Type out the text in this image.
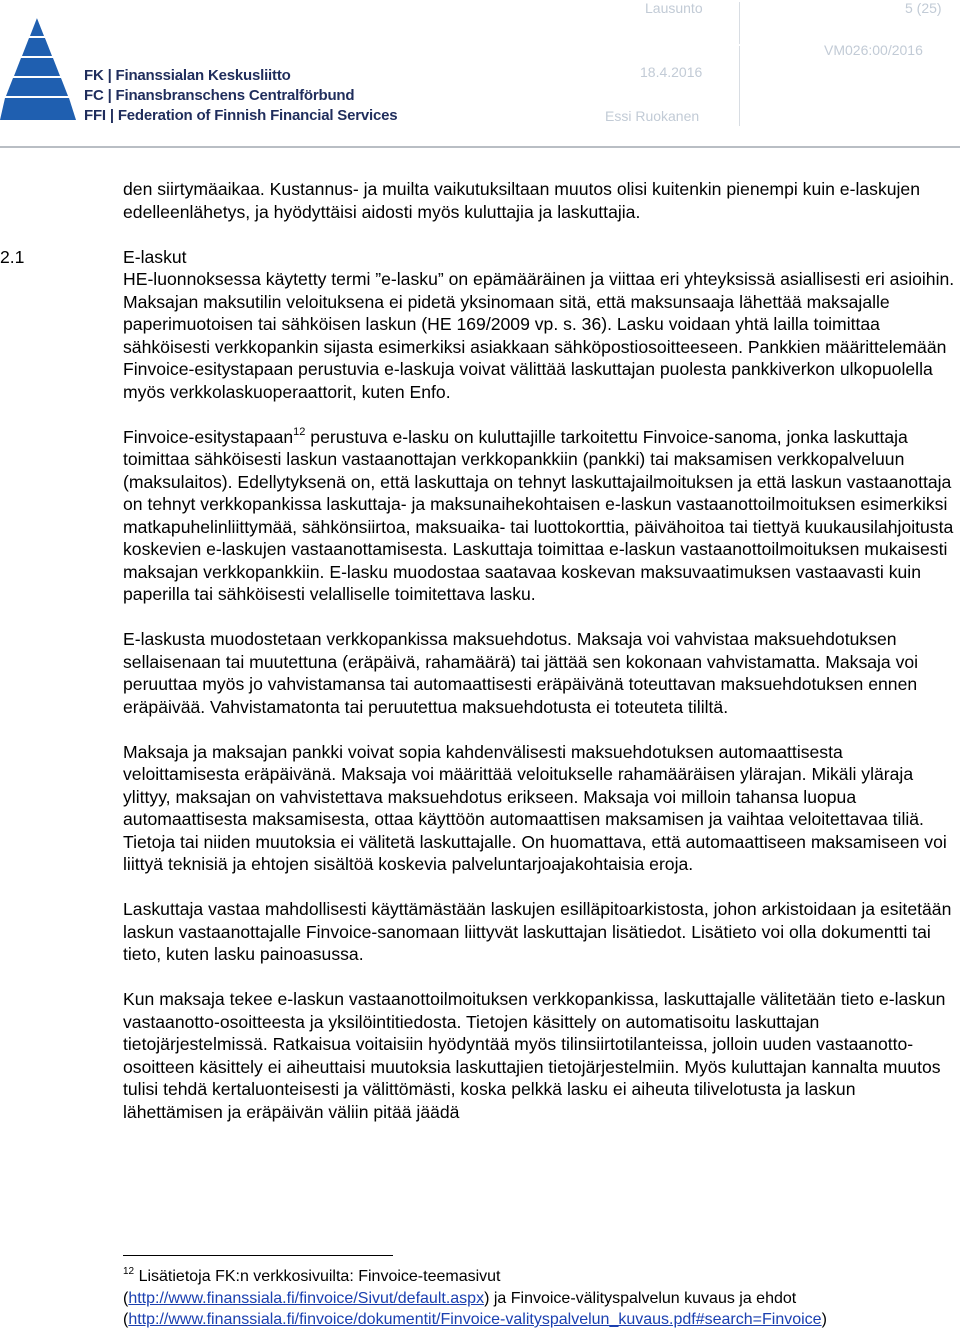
FK | Finanssialan Keskusliitto
FC | Finansbranschens Centralförbund
FFI | Federation of Finnish Financial Services
Lausunto	5 (25)
VM026:00/2016
18.4.2016
Essi Ruokanen

den siirtymäaikaa. Kustannus- ja muilta vaikutuksiltaan muutos olisi kuitenkin pienempi kuin e-laskujen edelleenlähetys, ja hyödyttäisi aidosti myös kuluttajia ja laskuttajia.

HE-luonnoksessa käytetty termi ”e-lasku” on epämääräinen ja viittaa eri yhteyksissä asiallisesti eri asioihin. Maksajan maksutilin veloituksena ei pidetä yksinomaan sitä, että maksunsaaja lähettää maksajalle paperimuotoisen tai sähköisen laskun (HE 169/2009 vp. s. 36). Lasku voidaan yhtä lailla toimittaa sähköisesti verkkopankin sijasta esimerkiksi asiakkaan sähköpostiosoitteeseen. Pankkien määrittelemään Finvoice-esitystapaan perustuvia e-laskuja voivat välittää laskuttajan puolesta pankkiverkon ulkopuolella myös verkkolaskuoperaattorit, kuten Enfo.

Finvoice-esitystapaan$^{12}$ perustuva e-lasku on kuluttajille tarkoitettu Finvoice-sanoma, jonka laskuttaja toimittaa sähköisesti laskun vastaanottajan verkkopankkiin (pankki) tai maksamisen verkkopalveluun (maksulaitos). Edellytyksenä on, että laskuttaja on tehnyt laskuttajailmoituksen ja että laskun vastaanottaja on tehnyt verkkopankissa laskuttaja- ja maksunaihekohtaisen e-laskun vastaanottoilmoituksen esimerkiksi matkapuhelinliittymää, sähkönsiirtoa, maksuaika- tai luottokorttia, päivähoitoa tai tiettyä kuukausilahjoitusta koskevien e-laskujen vastaanottamisesta. Laskuttaja toimittaa e-laskun vastaanottoilmoituksen mukaisesti maksajan verkkopankkiin. E-lasku muodostaa saatavaa koskevan maksuvaatimuksen vastaavasti kuin paperilla tai sähköisesti velalliselle toimitettava lasku.

E-laskusta muodostetaan verkkopankissa maksuehdotus. Maksaja voi vahvistaa maksuehdotuksen sellaisenaan tai muutettuna (eräpäivä, rahamäärä) tai jättää sen kokonaan vahvistamatta. Maksaja voi peruuttaa myös jo vahvistamansa tai automaattisesti eräpäivänä toteuttavan maksuehdotuksen ennen eräpäivää. Vahvistamatonta tai peruutettua maksuehdotusta ei toteuteta tililtä.

Maksaja ja maksajan pankki voivat sopia kahdenvälisesti maksuehdotuksen automaattisesta veloittamisesta eräpäivänä. Maksaja voi määrittää veloitukselle rahamääräisen ylärajan. Mikäli yläraja ylittyy, maksajan on vahvistettava maksuehdotus erikseen. Maksaja voi milloin tahansa luopua automaattisesta maksamisesta, ottaa käyttöön automaattisen maksamisen ja vaihtaa veloitettavaa tiliä. Tietoja tai niiden muutoksia ei välitetä laskuttajalle. On huomattava, että automaattiseen maksamiseen voi liittyä teknisiä ja ehtojen sisältöä koskevia palveluntarjoajakohtaisia eroja.

Laskuttaja vastaa mahdollisesti käyttämästään laskujen esilläpitoarkistosta, johon arkistoidaan ja esitetään laskun vastaanottajalle Finvoice-sanomaan liittyvät laskuttajan lisätiedot. Lisätieto voi olla dokumentti tai tieto, kuten lasku painoasussa.

Kun maksaja tekee e-laskun vastaanottoilmoituksen verkkopankissa, laskuttajalle välitetään tieto e-laskun vastaanotto-osoitteesta ja yksilöintitiedosta. Tietojen käsittely on automatisoitu laskuttajan tietojärjestelmissä. Ratkaisua voitaisiin hyödyntää myös tilinsiirtotilanteissa, jolloin uuden vastaanotto-osoitteen käsittely ei aiheuttaisi muutoksia laskuttajien tietojärjestelmiin. Myös kuluttajan kannalta muutos tulisi tehdä kertaluonteisesti ja välittömästi, koska pelkkä lasku ei aiheuta tilivelotusta ja laskun lähettämisen ja eräpäivän väliin pitää jäädä

2.1	E-laskut
$^{12}$ Lisätietoja FK:n verkkosivuilta: Finvoice-teemasivut
(http://www.finanssiala.fi/finvoice/Sivut/default.aspx) ja Finvoice-välityspalvelun kuvaus ja ehdot
(http://www.finanssiala.fi/finvoice/dokumentit/Finvoice-valityspalvelun_kuvaus.pdf#search=Finvoice)
